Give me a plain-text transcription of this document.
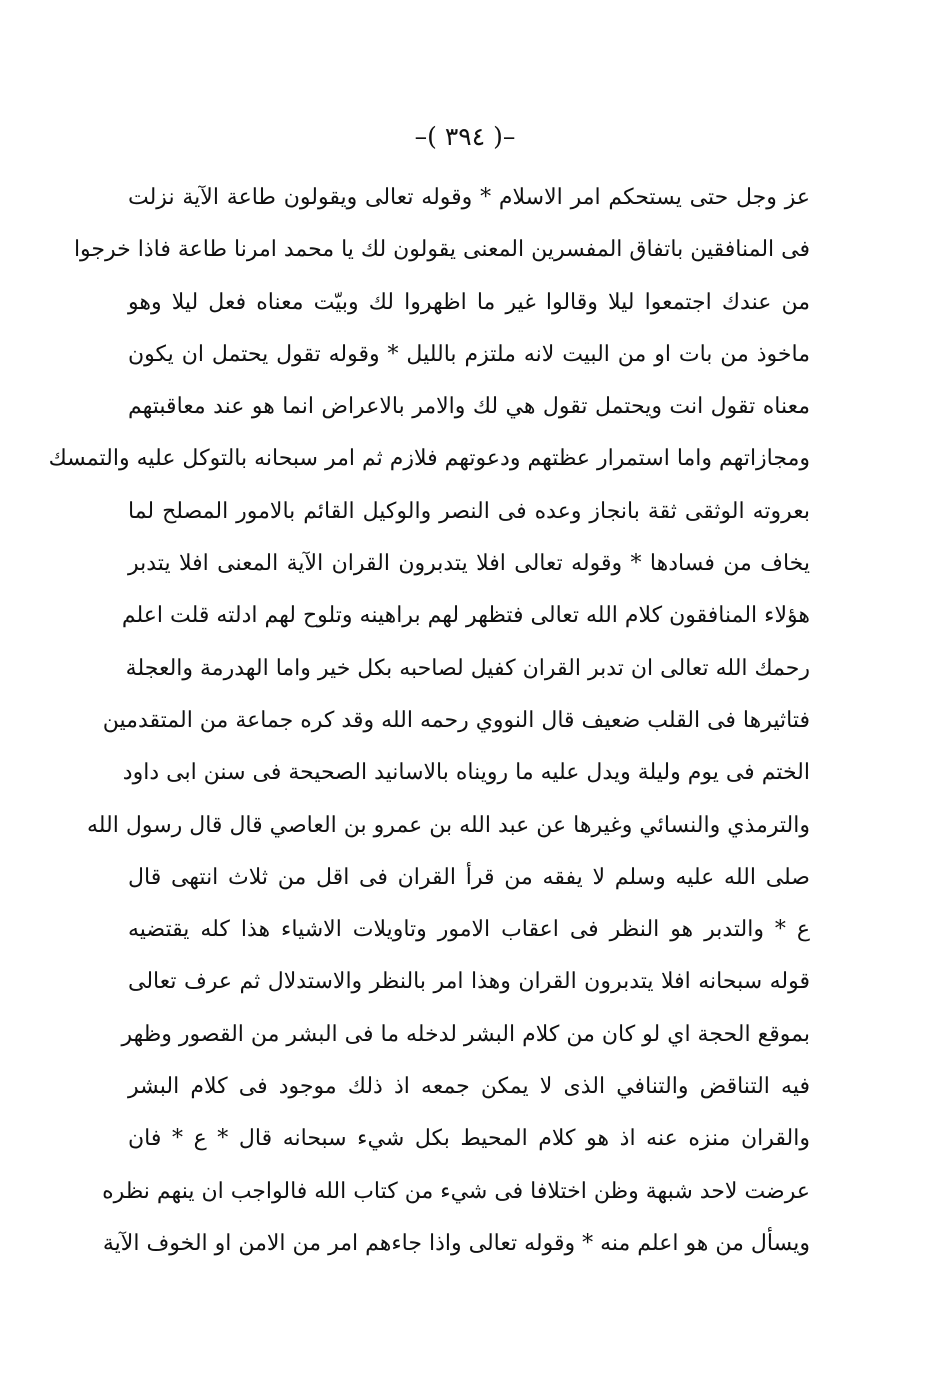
–( ٣٩٤ )–
عز وجل حتى يستحكم امر الاسلام * وقوله تعالى ويقولون طاعة الآية نزلت
فى المنافقين باتفاق المفسرين المعنى يقولون لك يا محمد امرنا طاعة فاذا خرجوا
من عندك اجتمعوا ليلا وقالوا غير ما اظهروا لك وبيّت معناه فعل ليلا وهو
ماخوذ من بات او من البيت لانه ملتزم بالليل * وقوله تقول يحتمل ان يكون
معناه تقول انت ويحتمل تقول هي لك والامر بالاعراض انما هو عند معاقبتهم
ومجازاتهم واما استمرار عظتهم ودعوتهم فلازم ثم امر سبحانه بالتوكل عليه والتمسك
بعروته الوثقى ثقة بانجاز وعده فى النصر والوكيل القائم بالامور المصلح لما
يخاف من فسادها * وقوله تعالى افلا يتدبرون القران الآية المعنى افلا يتدبر
هؤلاء المنافقون كلام الله تعالى فتظهر لهم براهينه وتلوح لهم ادلته قلت اعلم
رحمك الله تعالى ان تدبر القران كفيل لصاحبه بكل خير واما الهدرمة والعجلة
فتاثيرها فى القلب ضعيف قال النووي رحمه الله وقد كره جماعة من المتقدمين
الختم فى يوم وليلة ويدل عليه ما رويناه بالاسانيد الصحيحة فى سنن ابى داود
والترمذي والنسائي وغيرها عن عبد الله بن عمرو بن العاصي قال قال رسول الله
صلى الله عليه وسلم لا يفقه من قرأ القران فى اقل من ثلاث انتهى قال
ع * والتدبر هو النظر فى اعقاب الامور وتاويلات الاشياء هذا كله يقتضيه
قوله سبحانه افلا يتدبرون القران وهذا امر بالنظر والاستدلال ثم عرف تعالى
بموقع الحجة اي لو كان من كلام البشر لدخله ما فى البشر من القصور وظهر
فيه التناقض والتنافي الذى لا يمكن جمعه اذ ذلك موجود فى كلام البشر
والقران منزه عنه اذ هو كلام المحيط بكل شيء سبحانه قال * ع * فان
عرضت لاحد شبهة وظن اختلافا فى شيء من كتاب الله فالواجب ان ينهم نظره
ويسأل من هو اعلم منه * وقوله تعالى واذا جاءهم امر من الامن او الخوف الآية
